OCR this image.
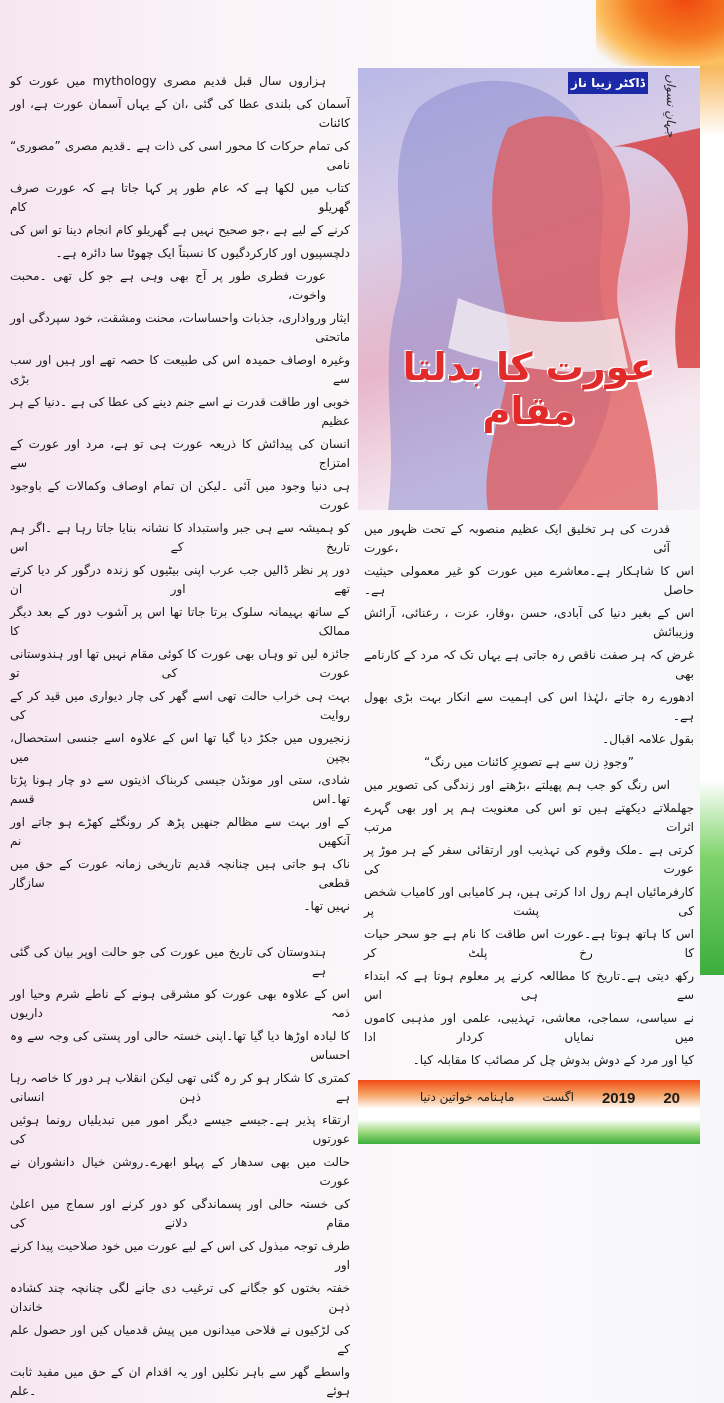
ہزاروں سال قبل قدیم مصری mythology میں عورت کو
آسمان کی بلندی عطا کی گئی ،ان کے یہاں آسمان عورت ہے، اور کائنات
کی تمام حرکات کا محور اسی کی ذات ہے ۔قدیم مصری ”مصوری“ نامی
کتاب میں لکھا ہے کہ عام طور پر کہا جاتا ہے کہ عورت صرف گھریلو کام
کرنے کے لیے ہے ،جو صحیح نہیں ہے گھریلو کام انجام دینا تو اس کی
دلچسپیوں اور کارکردگیوں کا نسبتاً ایک چھوٹا سا دائرہ ہے۔
عورت فطری طور پر آج بھی وہی ہے جو کل تھی ۔محبت واخوت،
ایثار ورواداری، جذبات واحساسات، محنت ومشقت، خود سپردگی اور ماتحتی
وغیرہ اوصاف حمیدہ اس کی طبیعت کا حصہ تھے اور ہیں اور سب سے بڑی
خوبی اور طاقت قدرت نے اسے جنم دینے کی عطا کی ہے ۔دنیا کے ہر عظیم
انسان کی پیدائش کا ذریعہ عورت ہی تو ہے، مرد اور عورت کے امتزاج سے
ہی دنیا وجود میں آئی ۔لیکن ان تمام اوصاف وکمالات کے باوجود عورت
کو ہمیشہ سے ہی جبر واستبداد کا نشانہ بنایا جاتا رہا ہے ۔اگر ہم تاریخ کے اس
دور پر نظر ڈالیں جب عرب اپنی بیٹیوں کو زندہ درگور کر دیا کرتے تھے اور ان
کے ساتھ بہیمانہ سلوک برتا جاتا تھا اس پر آشوب دور کے بعد دیگر ممالک کا
جائزہ لیں تو وہاں بھی عورت کا کوئی مقام نہیں تھا اور ہندوستانی عورت کی تو
بہت ہی خراب حالت تھی اسے گھر کی چار دیواری میں قید کر کے روایت کی
زنجیروں میں جکڑ دیا گیا تھا اس کے علاوہ اسے جنسی استحصال، بچپن میں
شادی، ستی اور مونڈن جیسی کربناک اذیتوں سے دو چار ہونا پڑتا تھا۔اس قسم
کے اور بہت سے مظالم جنھیں پڑھ کر رونگٹے کھڑے ہو جاتے اور آنکھیں نم
ناک ہو جاتی ہیں چنانچہ قدیم تاریخی زمانہ عورت کے حق میں قطعی سازگار
نہیں تھا۔
ہندوستان کی تاریخ میں عورت کی جو حالت اوپر بیان کی گئی ہے
اس کے علاوہ بھی عورت کو مشرقی ہونے کے ناطے شرم وحیا اور ذمہ داریوں
کا لبادہ اوڑھا دیا گیا تھا۔اپنی خستہ حالی اور پستی کی وجہ سے وہ احساس
کمتری کا شکار ہو کر رہ گئی تھی لیکن انقلاب ہر دور کا خاصہ رہا ہے ذہن انسانی
ارتقاء پذیر ہے۔جیسے جیسے دیگر امور میں تبدیلیاں رونما ہوئیں عورتوں کی
حالت میں بھی سدھار کے پہلو ابھرے۔روشن خیال دانشوران نے عورت
کی خستہ حالی اور پسماندگی کو دور کرنے اور سماج میں اعلیٰ مقام دلانے کی
طرف توجہ مبذول کی اس کے لیے عورت میں خود صلاحیت پیدا کرنے اور
خفتہ بختوں کو جگانے کی ترغیب دی جانے لگی چنانچہ چند کشادہ ذہن خاندان
کی لڑکیوں نے فلاحی میدانوں میں پیش قدمیاں کیں اور حصول علم کے
واسطے گھر سے باہر نکلیں اور یہ اقدام ان کے حق میں مفید ثابت ہوئے ۔علم
ڈاکٹر زیبا ناز جہانِ نسواں
عورت کا بدلتا مقام
قدرت کی ہر تخلیق ایک عظیم منصوبہ کے تحت ظہور میں آئی ،عورت
اس کا شاہکار ہے۔معاشرے میں عورت کو غیر معمولی حیثیت حاصل ہے۔
اس کے بغیر دنیا کی آبادی، حسن ،وقار، عزت ، رعنائی، آرائش وزیبائش
غرض کہ ہر صفت ناقص رہ جاتی ہے یہاں تک کہ مرد کے کارنامے بھی
ادھورے رہ جاتے ،لہٰذا اس کی اہمیت سے انکار بہت بڑی بھول ہے۔
بقول علامہ اقبال۔
”وجودِ زن سے ہے تصویرِ کائنات میں رنگ“
اس رنگ کو جب ہم پھیلتے ،بڑھتے اور زندگی کی تصویر میں
جھلملاتے دیکھتے ہیں تو اس کی معنویت ہم پر اور بھی گہرے اثرات مرتب
کرتی ہے ۔ملک وقوم کی تہذیب اور ارتقائی سفر کے ہر موڑ پر عورت کی
کارفرمائیاں اہم رول ادا کرتی ہیں، ہر کامیابی اور کامیاب شخص کی پشت پر
اس کا ہاتھ ہوتا ہے۔عورت اس طاقت کا نام ہے جو سحر حیات کا رخ پلٹ کر
رکھ دیتی ہے۔تاریخ کا مطالعہ کرنے پر معلوم ہوتا ہے کہ ابتداء سے ہی اس
نے سیاسی، سماجی، معاشی، تہذیبی، علمی اور مذہبی کاموں میں نمایاں کردار ادا
کیا اور مرد کے دوش بدوش چل کر مصائب کا مقابلہ کیا۔
20
2019
اگست
ماہنامہ خواتین دنیا
